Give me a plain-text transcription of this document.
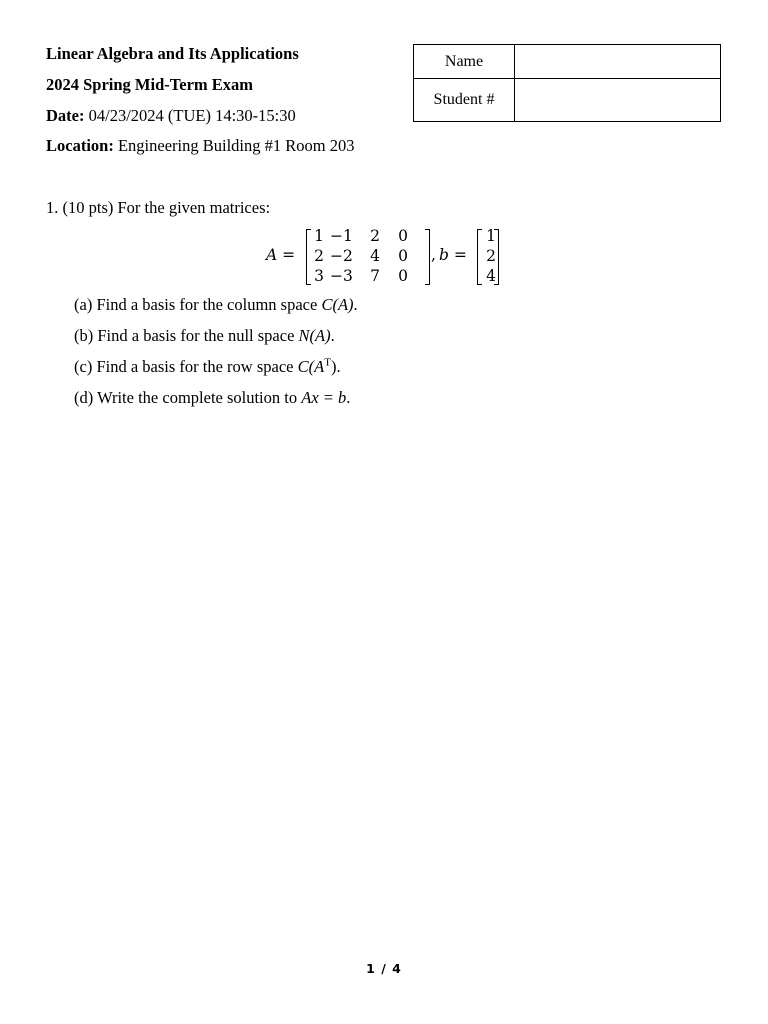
Linear Algebra and Its Applications
2024 Spring Mid-Term Exam
Date: 04/23/2024 (TUE) 14:30-15:30
Location: Engineering Building #1 Room 203
Name	
Student #	
1. (10 pts) For the given matrices:
A =
1 −1	2	0
2 −2	4	0
3 −3	7	0
, b =
1
2
4
(a) Find a basis for the column space C(A).
(b) Find a basis for the null space N(A).
(c) Find a basis for the row space $C(A^T)$.
(d) Write the complete solution to Ax = b.
1 / 4
